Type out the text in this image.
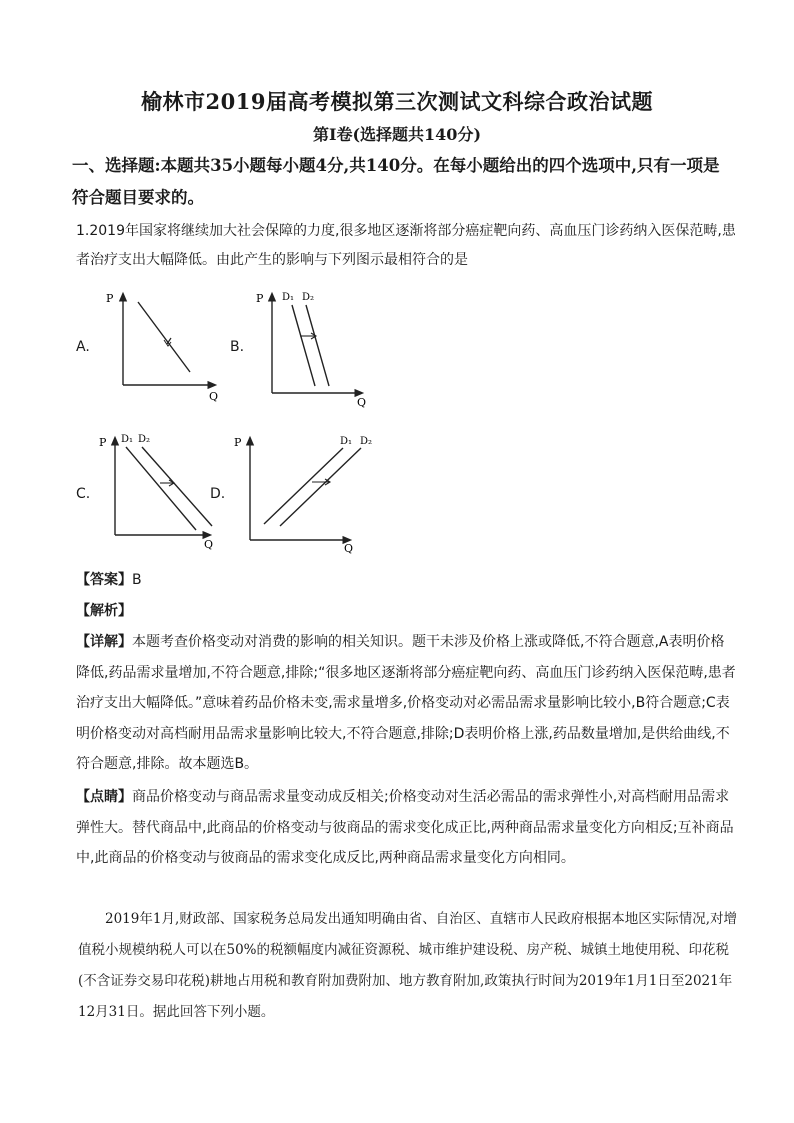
榆林市2019届高考模拟第三次测试文科综合政治试题
第Ⅰ卷(选择题共140分)
一、选择题:本题共35小题每小题4分,共140分。在每小题给出的四个选项中,只有一项是符合题目要求的。
1.2019年国家将继续加大社会保障的力度,很多地区逐渐将部分癌症靶向药、高血压门诊药纳入医保范畴,患者治疗支出大幅降低。由此产生的影响与下列图示最相符合的是
A.
P
Q
B.
P
Q
D₁ D₂
C.
P
Q
D₁ D₂
D.
P
Q
D₁ D₂
【答案】B
【解析】
【详解】本题考查价格变动对消费的影响的相关知识。题干未涉及价格上涨或降低,不符合题意,A表明价格降低,药品需求量增加,不符合题意,排除;“很多地区逐渐将部分癌症靶向药、高血压门诊药纳入医保范畴,患者治疗支出大幅降低。”意味着药品价格未变,需求量增多,价格变动对必需品需求量影响比较小,B符合题意;C表明价格变动对高档耐用品需求量影响比较大,不符合题意,排除;D表明价格上涨,药品数量增加,是供给曲线,不符合题意,排除。故本题选B。
【点睛】商品价格变动与商品需求量变动成反相关;价格变动对生活必需品的需求弹性小,对高档耐用品需求弹性大。替代商品中,此商品的价格变动与彼商品的需求变化成正比,两种商品需求量变化方向相反;互补商品中,此商品的价格变动与彼商品的需求变化成反比,两种商品需求量变化方向相同。
2019年1月,财政部、国家税务总局发出通知明确由省、自治区、直辖市人民政府根据本地区实际情况,对增值税小规模纳税人可以在50%的税额幅度内减征资源税、城市维护建设税、房产税、城镇土地使用税、印花税(不含证券交易印花税)耕地占用税和教育附加费附加、地方教育附加,政策执行时间为2019年1月1日至2021年12月31日。据此回答下列小题。
